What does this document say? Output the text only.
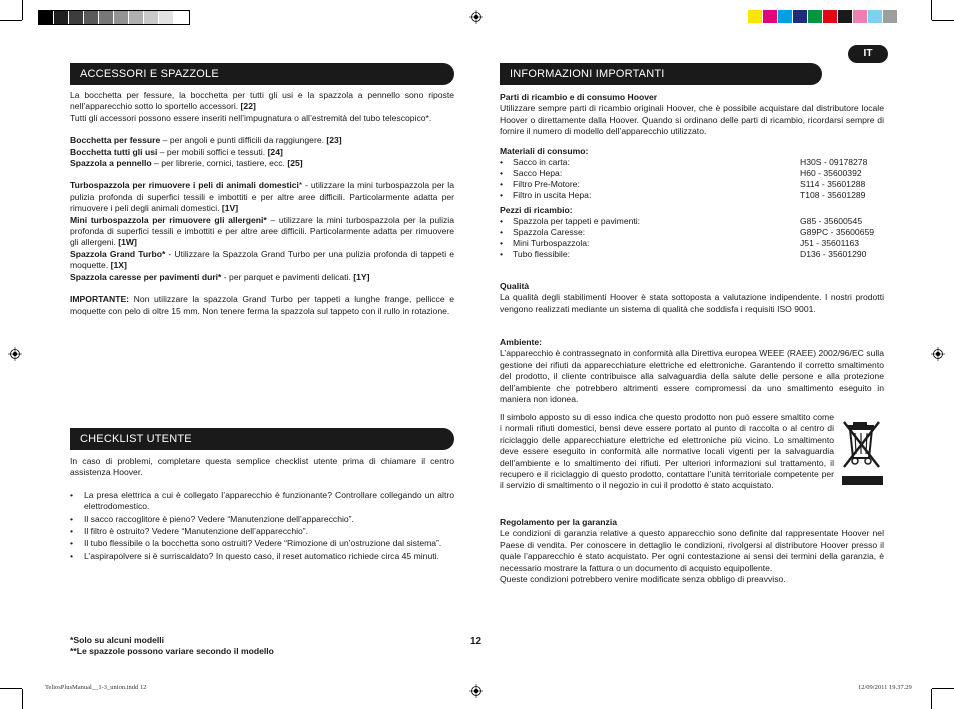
IT
ACCESSORI E SPAZZOLE

La bocchetta per fessure, la bocchetta per tutti gli usi e la spazzola a pennello sono riposte nell’apparecchio sotto lo sportello accessori. [22]

Tutti gli accessori possono essere inseriti nell’impugnatura o all’estremità del tubo telescopico*.

Bocchetta per fessure – per angoli e punti difficili da raggiungere. [23]

Bocchetta tutti gli usi – per mobili soffici e tessuti. [24]

Spazzola a pennello – per librerie, cornici, tastiere, ecc. [25]

Turbospazzola per rimuovere i peli di animali domestici* - utilizzare la mini turbospazzola per la pulizia profonda di superfici tessili e imbottiti e per altre aree difficili. Particolarmente adatta per rimuovere i peli degli animali domestici. [1V]

Mini turbospazzola per rimuovere gli allergeni* – utilizzare la mini turbospazzola per la pulizia profonda di superfici tessili e imbottiti e per altre aree difficili. Particolarmente adatta per rimuovere gli allergeni. [1W]

Spazzola Grand Turbo* - Utilizzare la Spazzola Grand Turbo per una pulizia profonda di tappeti e moquette. [1X]

Spazzola caresse per pavimenti duri* - per parquet e pavimenti delicati. [1Y]

IMPORTANTE: Non utilizzare la spazzola Grand Turbo per tappeti a lunghe frange, pellicce e moquette con pelo di oltre 15 mm. Non tenere ferma la spazzola sul tappeto con il rullo in rotazione.

CHECKLIST UTENTE

In caso di problemi, completare questa semplice checklist utente prima di chiamare il centro assistenza Hoover.

• La presa elettrica a cui è collegato l’apparecchio è funzionante? Controllare collegando un altro elettrodomestico.
• Il sacco raccoglitore è pieno? Vedere “Manutenzione dell’apparecchio”.
• Il filtro è ostruito? Vedere “Manutenzione dell’apparecchio”.
• Il tubo flessibile o la bocchetta sono ostruiti? Vedere “Rimozione di un’ostruzione dal sistema”.
• L’aspirapolvere si è surriscaldato? In questo caso, il reset automatico richiede circa 45 minuti.

*Solo su alcuni modelli

**Le spazzole possono variare secondo il modello

12
INFORMAZIONI IMPORTANTI

Parti di ricambio e di consumo Hoover

Utilizzare sempre parti di ricambio originali Hoover, che è possibile acquistare dal distributore locale Hoover o direttamente dalla Hoover. Quando si ordinano delle parti di ricambio, ricordarsi sempre di fornire il numero di modello dell’apparecchio utilizzato.

Materiali di consumo:
• Sacco in carta:	H30S - 09178278
• Sacco Hepa:	H60 - 35600392
• Filtro Pre-Motore:	S114 - 35601288
• Filtro in uscita Hepa:	T108 - 35601289
Pezzi di ricambio:
• Spazzola per tappeti e pavimenti:	G85 - 35600545
• Spazzola Caresse:	G89PC - 35600659
• Mini Turbospazzola:	J51 - 35601163
• Tubo flessibile:	D136 - 35601290

Qualità

La qualità degli stabilimenti Hoover è stata sottoposta a valutazione indipendente. I nostri prodotti vengono realizzati mediante un sistema di qualità che soddisfa i requisiti ISO 9001.

Ambiente:

L’apparecchio è contrassegnato in conformità alla Direttiva europea WEEE (RAEE) 2002/96/EC sulla gestione dei rifiuti da apparecchiature elettriche ed elettroniche. Garantendo il corretto smaltimento del prodotto, il cliente contribuisce alla salvaguardia della salute delle persone e alla protezione dell’ambiente che potrebbero altrimenti essere compromessi da uno smaltimento eseguito in maniera non idonea.

Il simbolo apposto su di esso indica che questo prodotto non può essere smaltito come i normali rifiuti domestici, bensì deve essere portato al punto di raccolta o al centro di riciclaggio delle apparecchiature elettriche ed elettroniche più vicino. Lo smaltimento deve essere eseguito in conformità alle normative locali vigenti per la salvaguardia dell’ambiente e lo smaltimento dei rifiuti. Per ulteriori informazioni sul trattamento, il recupero e il riciclaggio di questo prodotto, contattare l’unità territoriale competente per il servizio di smaltimento o il negozio in cui il prodotto è stato acquistato.

Regolamento per la garanzia

Le condizioni di garanzia relative a questo apparecchio sono definite dal rappresentate Hoover nel Paese di vendita. Per conoscere in dettaglio le condizioni, rivolgersi al distributore Hoover presso il quale l’apparecchio è stato acquistato. Per ogni contestazione ai sensi dei termini della garanzia, è necessario mostrare la fattura o un documento di acquisto equipollente.

Queste condizioni potrebbero venire modificate senza obbligo di preavviso.

TeliosPlusManual__1-3_union.indd 12	12/09/2011 19.37.29
